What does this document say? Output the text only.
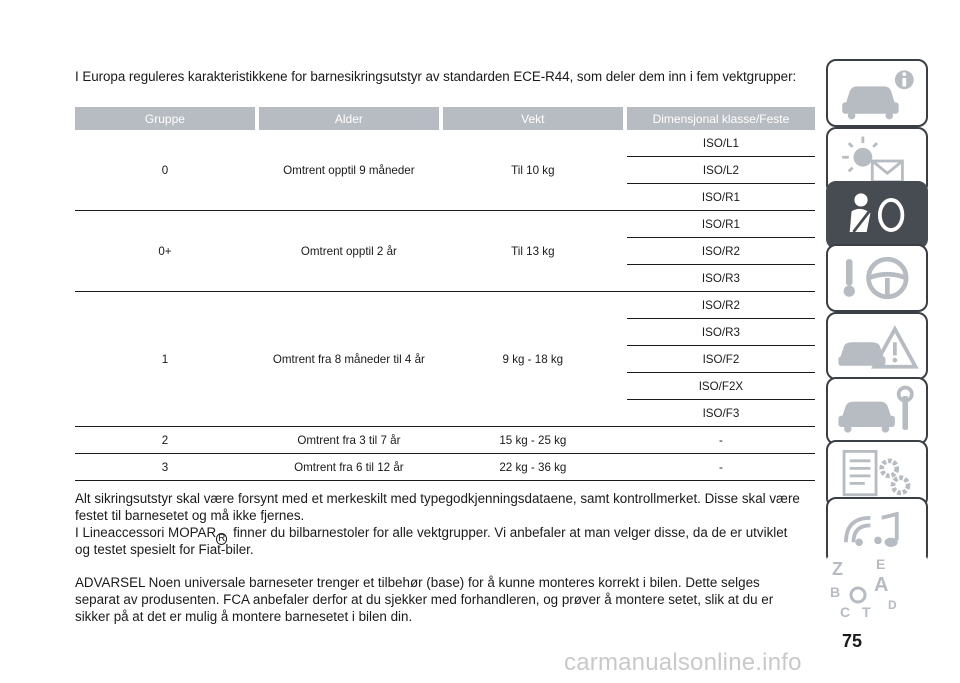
I Europa reguleres karakteristikkene for barnesikringsutstyr av standarden ECE-R44, som deler dem inn i fem vektgrupper:
Gruppe		Alder		Vekt		Dimensjonal klasse/Feste
0		Omtrent opptil 9 måneder		Til 10 kg		ISO/L1
						ISO/L2
						ISO/R1
0+		Omtrent opptil 2 år		Til 13 kg		ISO/R1
						ISO/R2
						ISO/R3
1		Omtrent fra 8 måneder til 4 år		9 kg - 18 kg		ISO/R2
						ISO/R3
						ISO/F2
						ISO/F2X
						ISO/F3
2		Omtrent fra 3 til 7 år		15 kg - 25 kg		-
3		Omtrent fra 6 til 12 år		22 kg - 36 kg		-
Alt sikringsutstyr skal være forsynt med et merkeskilt med typegodkjenningsdataene, samt kontrollmerket. Disse skal være festet til barnesetet og må ikke fjernes.
I Lineaccessori MOPAR R finner du bilbarnestoler for alle vektgrupper. Vi anbefaler at man velger disse, da de er utviklet og testet spesielt for Fiat-biler.
ADVARSEL Noen universale barneseter trenger et tilbehør (base) for å kunne monteres korrekt i bilen. Dette selges separat av produsenten. FCA anbefaler derfor at du sjekker med forhandleren, og prøver å montere setet, slik at du er sikker på at det er mulig å montere barnesetet i bilen din.
Z E
B A
C T D
75
carmanualsonline.info
